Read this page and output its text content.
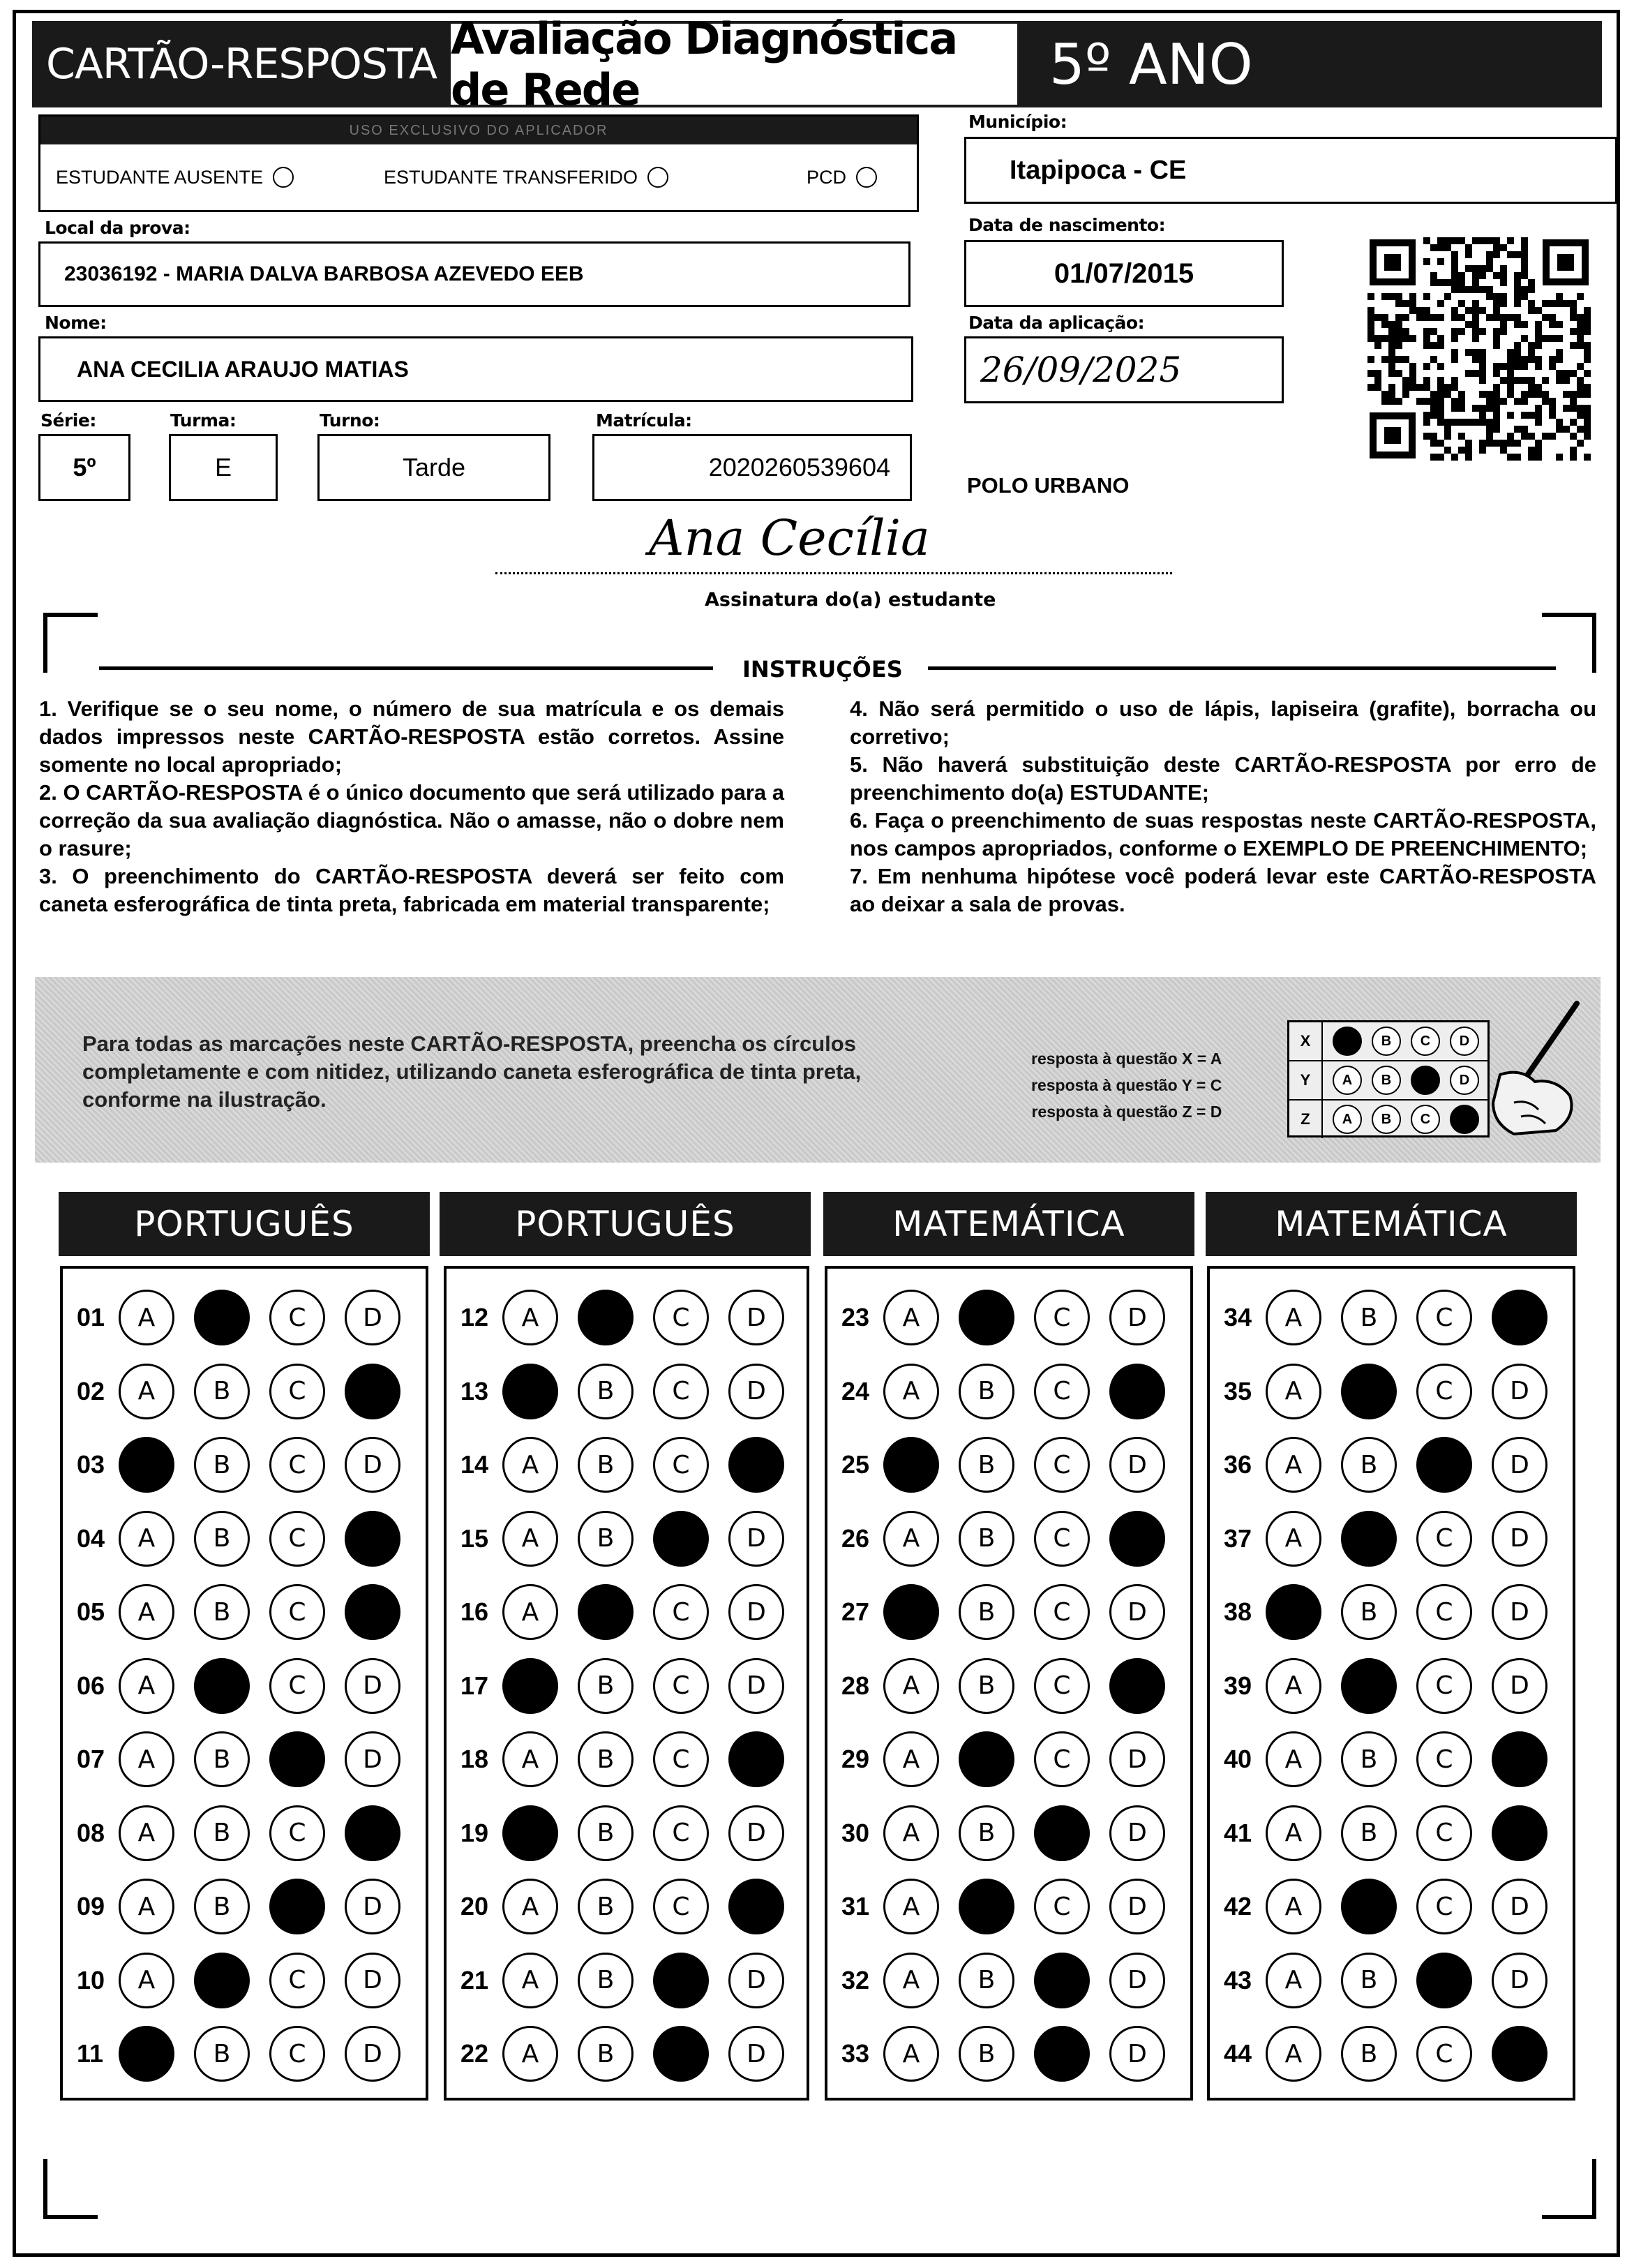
CARTÃO-RESPOSTA Avaliação Diagnóstica de Rede	5º ANO
USO EXCLUSIVO DO APLICADOR
ESTUDANTE AUSENTE	ESTUDANTE TRANSFERIDO	PCD
Local da prova:
23036192 - MARIA DALVA BARBOSA AZEVEDO EEB
Nome:
ANA CECILIA ARAUJO MATIAS
Série:
5º
Turma:
E
Turno:
Tarde
Matrícula:
2020260539604
Município:
Itapipoca - CE
Data de nascimento:
01/07/2015
Data da aplicação:
26/09/2025
POLO URBANO
Ana Cecília
Assinatura do(a) estudante
INSTRUÇÕES

1. Verifique se o seu nome, o número de sua matrícula e os demais dados impressos neste CARTÃO-RESPOSTA estão corretos. Assine somente no local apropriado;

2. O CARTÃO-RESPOSTA é o único documento que será utilizado para a correção da sua avaliação diagnóstica. Não o amasse, não o dobre nem o rasure;

3. O preenchimento do CARTÃO-RESPOSTA deverá ser feito com caneta esferográfica de tinta preta, fabricada em material transparente;

4. Não será permitido o uso de lápis, lapiseira (grafite), borracha ou corretivo;

5. Não haverá substituição deste CARTÃO-RESPOSTA por erro de preenchimento do(a) ESTUDANTE;

6. Faça o preenchimento de suas respostas neste CARTÃO-RESPOSTA, nos campos apropriados, conforme o EXEMPLO DE PREENCHIMENTO;

7. Em nenhuma hipótese você poderá levar este CARTÃO-RESPOSTA ao deixar a sala de provas.

Para todas as marcações neste CARTÃO-RESPOSTA, preencha os círculos completamente e com nitidez, utilizando caneta esferográfica de tinta preta, conforme na ilustração.
resposta à questão X = A
resposta à questão Y = C
resposta à questão Z = D
X	B	C	D
Y	A	B	D
Z	A	B	C
PORTUGUÊS	PORTUGUÊS	MATEMÁTICA	MATEMÁTICA
01	A	B	C	D
02	A	B	C	D
03	A	B	C	D
04	A	B	C	D
05	A	B	C	D
06	A	B	C	D
07	A	B	C	D
08	A	B	C	D
09	A	B	C	D
10	A	B	C	D
11	A	B	C	D
12	A	B	C	D
13	A	B	C	D
14	A	B	C	D
15	A	B	C	D
16	A	B	C	D
17	A	B	C	D
18	A	B	C	D
19	A	B	C	D
20	A	B	C	D
21	A	B	C	D
22	A	B	C	D
23	A	B	C	D
24	A	B	C	D
25	A	B	C	D
26	A	B	C	D
27	A	B	C	D
28	A	B	C	D
29	A	B	C	D
30	A	B	C	D
31	A	B	C	D
32	A	B	C	D
33	A	B	C	D
34	A	B	C	D
35	A	B	C	D
36	A	B	C	D
37	A	B	C	D
38	A	B	C	D
39	A	B	C	D
40	A	B	C	D
41	A	B	C	D
42	A	B	C	D
43	A	B	C	D
44	A	B	C	D
